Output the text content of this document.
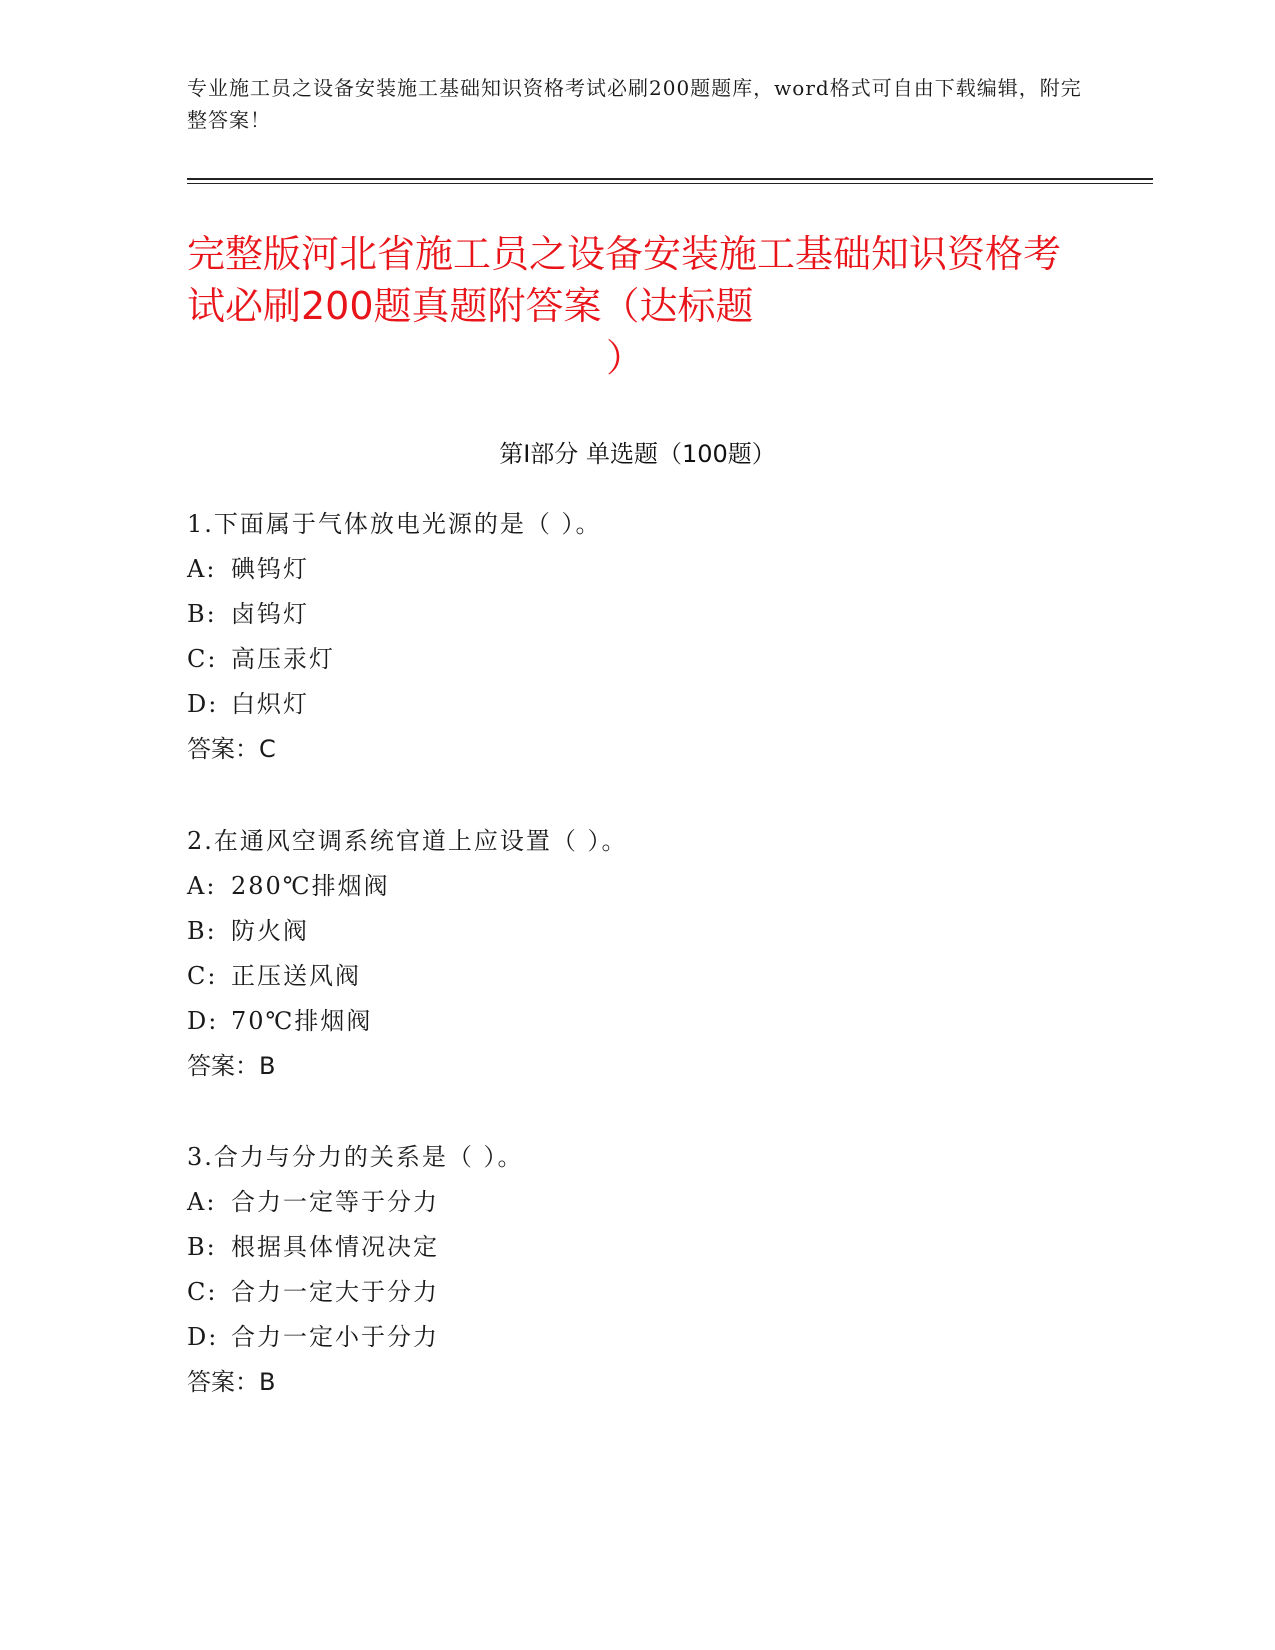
专业施工员之设备安装施工基础知识资格考试必刷200题题库，word格式可自由下载编辑，附完整答案！
完整版河北省施工员之设备安装施工基础知识资格考试必刷200题真题附答案（达标题
）
第Ⅰ部分 单选题（100题）
1.下面属于气体放电光源的是（ ）。
A: 碘钨灯
B: 卤钨灯
C: 高压汞灯
D: 白炽灯
答案：C
2.在通风空调系统官道上应设置（ ）。
A: 280℃排烟阀
B: 防火阀
C: 正压送风阀
D: 70℃排烟阀
答案：B
3.合力与分力的关系是（ ）。
A: 合力一定等于分力
B: 根据具体情况决定
C: 合力一定大于分力
D: 合力一定小于分力
答案：B
